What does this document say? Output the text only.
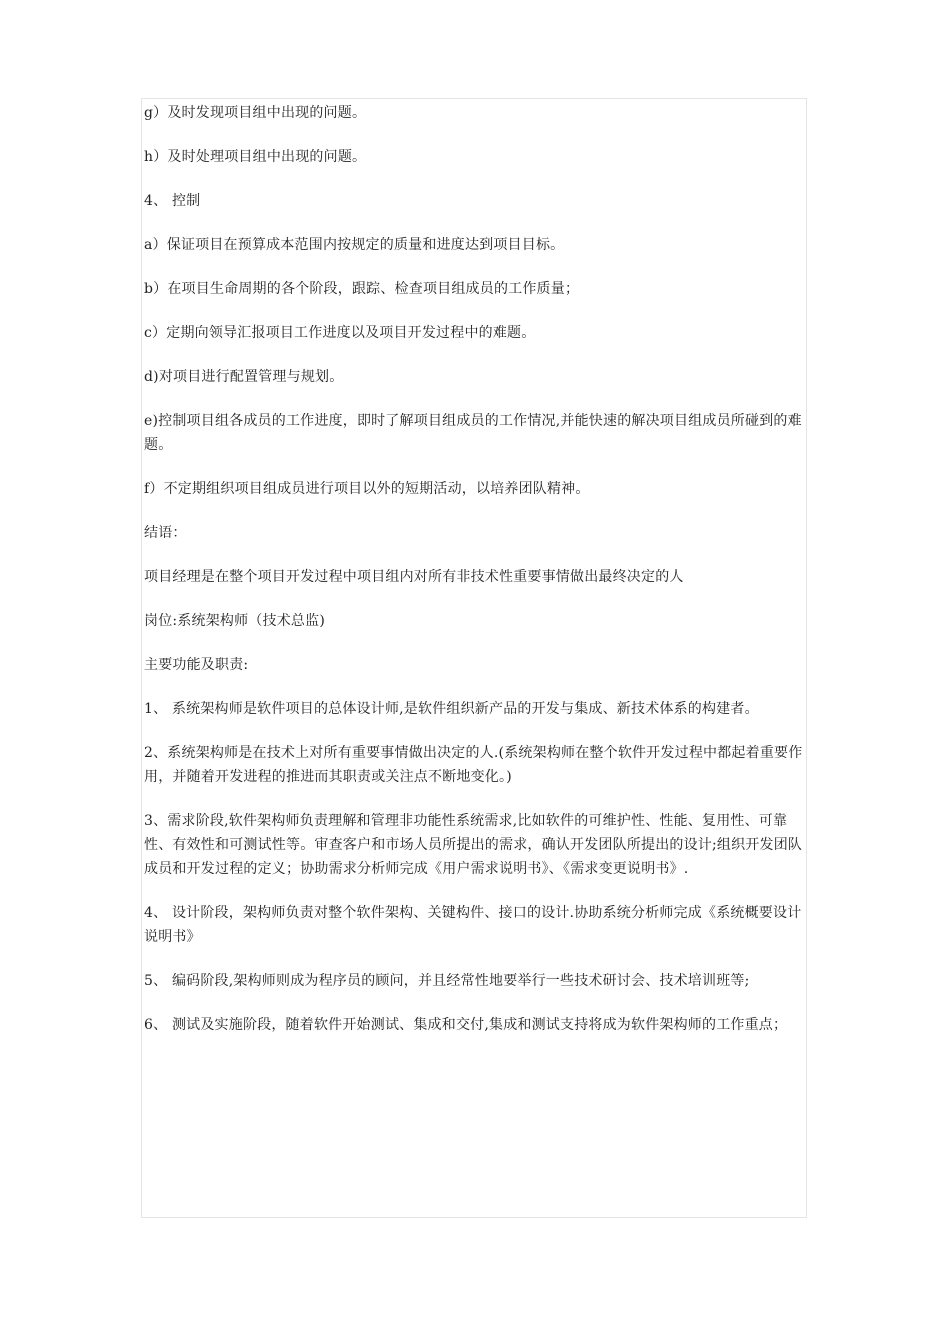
g）及时发现项目组中出现的问题。

h）及时处理项目组中出现的问题。

4、 控制

a）保证项目在预算成本范围内按规定的质量和进度达到项目目标。

b）在项目生命周期的各个阶段，跟踪、检查项目组成员的工作质量；

c）定期向领导汇报项目工作进度以及项目开发过程中的难题。

d)对项目进行配置管理与规划。

e)控制项目组各成员的工作进度，即时了解项目组成员的工作情况,并能快速的解决项目组成员所碰到的难题。

f）不定期组织项目组成员进行项目以外的短期活动，以培养团队精神。

结语：

项目经理是在整个项目开发过程中项目组内对所有非技术性重要事情做出最终决定的人

岗位:系统架构师（技术总监)

主要功能及职责:

1、 系统架构师是软件项目的总体设计师,是软件组织新产品的开发与集成、新技术体系的构建者。

2、系统架构师是在技术上对所有重要事情做出决定的人.(系统架构师在整个软件开发过程中都起着重要作用，并随着开发进程的推进而其职责或关注点不断地变化。)

3、需求阶段,软件架构师负责理解和管理非功能性系统需求,比如软件的可维护性、性能、复用性、可靠性、有效性和可测试性等。审查客户和市场人员所提出的需求，确认开发团队所提出的设计;组织开发团队成员和开发过程的定义；协助需求分析师完成《用户需求说明书》、《需求变更说明书》.

4、 设计阶段，架构师负责对整个软件架构、关键构件、接口的设计.协助系统分析师完成《系统概要设计说明书》

5、 编码阶段,架构师则成为程序员的顾问，并且经常性地要举行一些技术研讨会、技术培训班等;

6、 测试及实施阶段，随着软件开始测试、集成和交付,集成和测试支持将成为软件架构师的工作重点；
